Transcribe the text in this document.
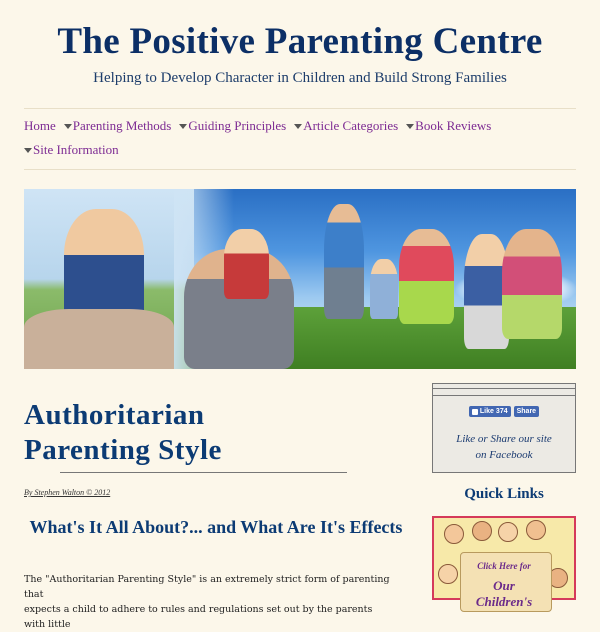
The Positive Parenting Centre
Helping to Develop Character in Children and Build Strong Families
Home Parenting Methods Guiding Principles Article Categories Book Reviews
Site Information
Authoritarian
Parenting Style
By Stephen Walton © 2012
What's It All About?... and What Are It's Effects

The "Authoritarian Parenting Style" is an extremely strict form of parenting that
expects a child to adhere to rules and regulations set out by the parents with little

Like 374 Share
Like or Share our site
on Facebook
Quick Links
Click Here for
Our
Children's
